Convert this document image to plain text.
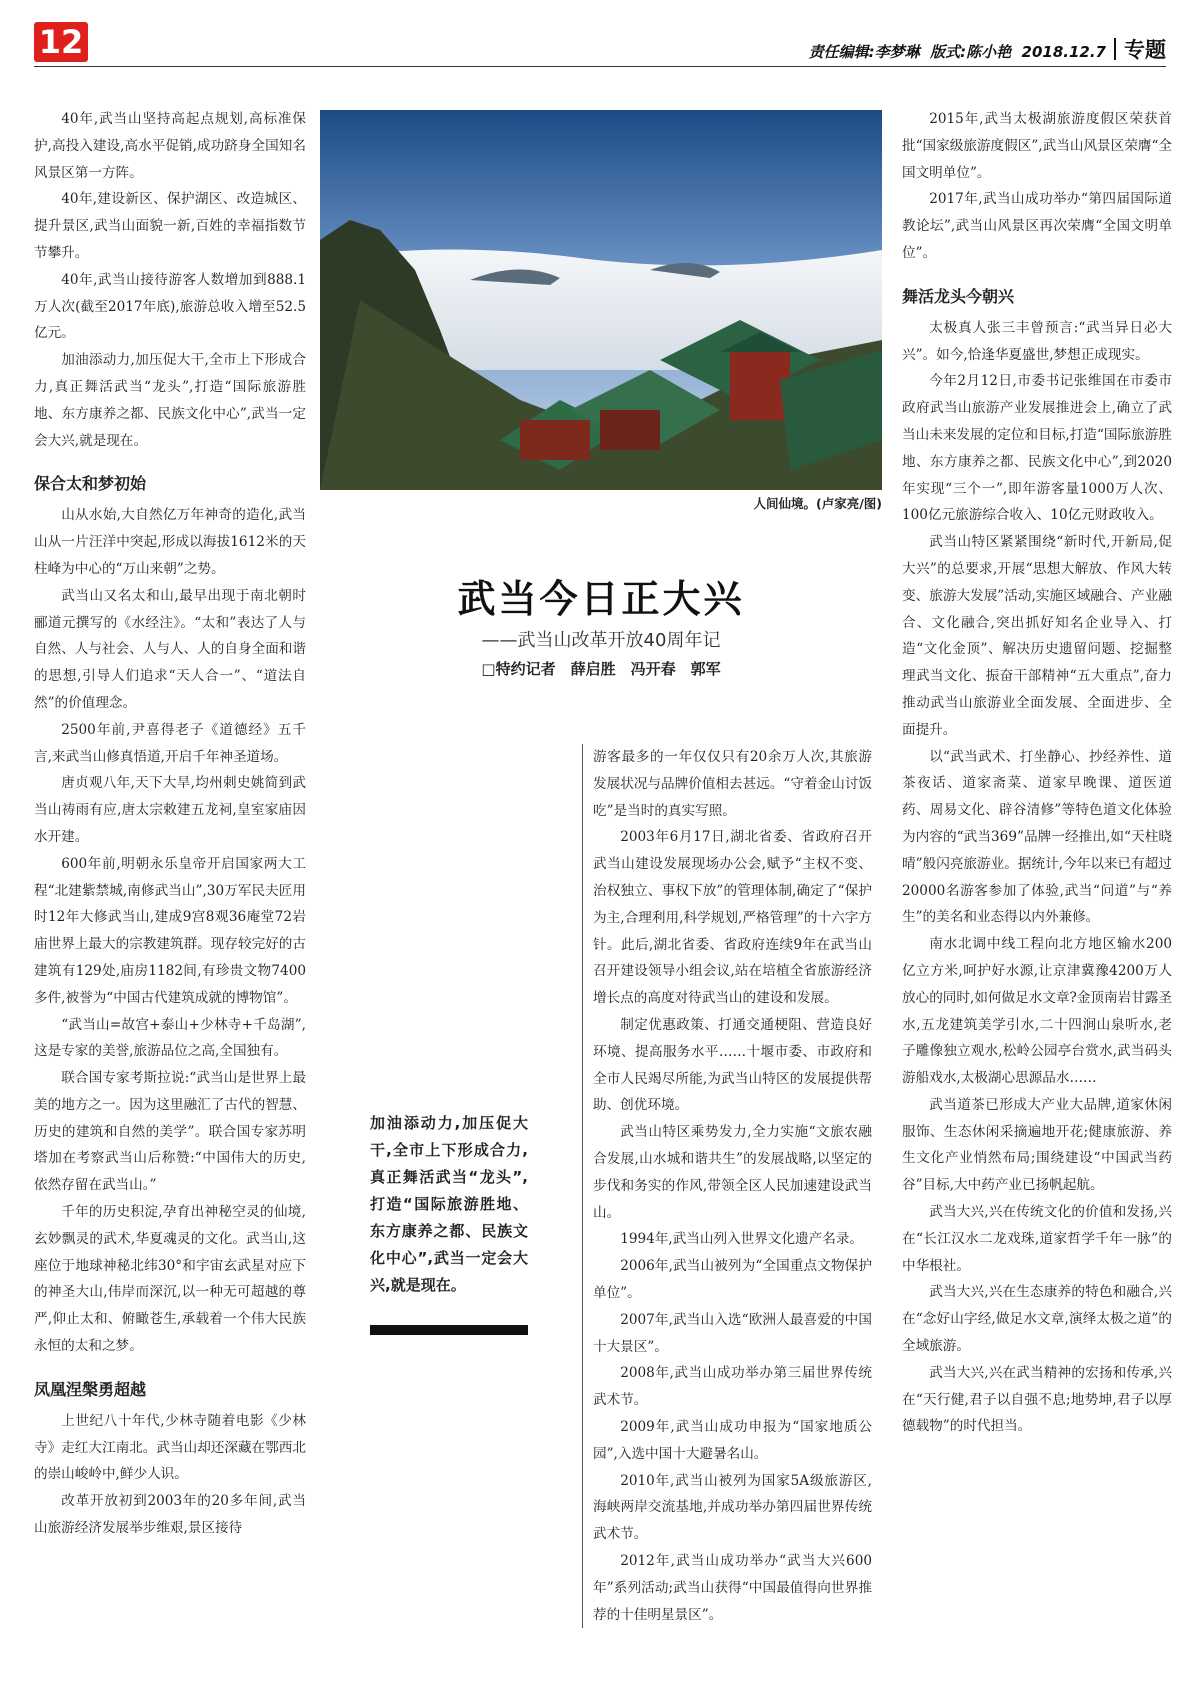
12	责任编辑:李梦琳
版式:陈小艳
2018.12.7 专题

40年,武当山坚持高起点规划,高标准保护,高投入建设,高水平促销,成功跻身全国知名风景区第一方阵。

40年,建设新区、保护湖区、改造城区、提升景区,武当山面貌一新,百姓的幸福指数节节攀升。

40年,武当山接待游客人数增加到888.1万人次(截至2017年底),旅游总收入增至52.5亿元。

加油添动力,加压促大干,全市上下形成合力,真正舞活武当“龙头”,打造“国际旅游胜地、东方康养之都、民族文化中心”,武当一定会大兴,就是现在。

保合太和梦初始

山从水始,大自然亿万年神奇的造化,武当山从一片汪洋中突起,形成以海拔1612米的天柱峰为中心的“万山来朝”之势。

武当山又名太和山,最早出现于南北朝时郦道元撰写的《水经注》。“太和”表达了人与自然、人与社会、人与人、人的自身全面和谐的思想,引导人们追求“天人合一”、“道法自然”的价值理念。

2500年前,尹喜得老子《道德经》五千言,来武当山修真悟道,开启千年神圣道场。

唐贞观八年,天下大旱,均州刺史姚简到武当山祷雨有应,唐太宗敕建五龙祠,皇室家庙因水开建。

600年前,明朝永乐皇帝开启国家两大工程“北建紫禁城,南修武当山”,30万军民夫匠用时12年大修武当山,建成9宫8观36庵堂72岩庙世界上最大的宗教建筑群。现存较完好的古建筑有129处,庙房1182间,有珍贵文物7400多件,被誉为“中国古代建筑成就的博物馆”。

“武当山=故宫+泰山+少林寺+千岛湖”,这是专家的美誉,旅游品位之高,全国独有。

联合国专家考斯拉说:“武当山是世界上最美的地方之一。因为这里融汇了古代的智慧、历史的建筑和自然的美学”。联合国专家苏明塔加在考察武当山后称赞:“中国伟大的历史,依然存留在武当山。”

千年的历史积淀,孕育出神秘空灵的仙境,玄妙飘灵的武术,华夏魂灵的文化。武当山,这座位于地球神秘北纬30°和宇宙玄武星对应下的神圣大山,伟岸而深沉,以一种无可超越的尊严,仰止太和、俯瞰苍生,承载着一个伟大民族永恒的太和之梦。

凤凰涅槃勇超越

上世纪八十年代,少林寺随着电影《少林寺》走红大江南北。武当山却还深藏在鄂西北的崇山峻岭中,鲜少人识。

改革开放初到2003年的20多年间,武当山旅游经济发展举步维艰,景区接待

人间仙境。(卢家亮/图)
武当今日正大兴
——武当山改革开放40周年记
□特约记者　薛启胜　冯开春　郭军

游客最多的一年仅仅只有20余万人次,其旅游发展状况与品牌价值相去甚远。“守着金山讨饭吃”是当时的真实写照。

2003年6月17日,湖北省委、省政府召开武当山建设发展现场办公会,赋予“主权不变、治权独立、事权下放”的管理体制,确定了“保护为主,合理利用,科学规划,严格管理”的十六字方针。此后,湖北省委、省政府连续9年在武当山召开建设领导小组会议,站在培植全省旅游经济增长点的高度对待武当山的建设和发展。

制定优惠政策、打通交通梗阻、营造良好环境、提高服务水平……十堰市委、市政府和全市人民竭尽所能,为武当山特区的发展提供帮助、创优环境。

武当山特区乘势发力,全力实施“文旅农融合发展,山水城和谐共生”的发展战略,以坚定的步伐和务实的作风,带领全区人民加速建设武当山。

1994年,武当山列入世界文化遗产名录。

2006年,武当山被列为“全国重点文物保护单位”。

2007年,武当山入选“欧洲人最喜爱的中国十大景区”。

2008年,武当山成功举办第三届世界传统武术节。

2009年,武当山成功申报为“国家地质公园”,入选中国十大避暑名山。

2010年,武当山被列为国家5A级旅游区,海峡两岸交流基地,并成功举办第四届世界传统武术节。

2012年,武当山成功举办“武当大兴600年”系列活动;武当山获得“中国最值得向世界推荐的十佳明星景区”。

加油添动力,加压促大干,全市上下形成合力,真正舞活武当“龙头”,打造“国际旅游胜地、东方康养之都、民族文化中心”,武当一定会大兴,就是现在。

2015年,武当太极湖旅游度假区荣获首批“国家级旅游度假区”,武当山风景区荣膺“全国文明单位”。

2017年,武当山成功举办“第四届国际道教论坛”,武当山风景区再次荣膺“全国文明单位”。

舞活龙头今朝兴

太极真人张三丰曾预言:“武当异日必大兴”。如今,恰逢华夏盛世,梦想正成现实。

今年2月12日,市委书记张维国在市委市政府武当山旅游产业发展推进会上,确立了武当山未来发展的定位和目标,打造“国际旅游胜地、东方康养之都、民族文化中心”,到2020年实现“三个一”,即年游客量1000万人次、100亿元旅游综合收入、10亿元财政收入。

武当山特区紧紧围绕“新时代,开新局,促大兴”的总要求,开展“思想大解放、作风大转变、旅游大发展”活动,实施区域融合、产业融合、文化融合,突出抓好知名企业导入、打造“文化金顶”、解决历史遗留问题、挖掘整理武当文化、振奋干部精神“五大重点”,奋力推动武当山旅游业全面发展、全面进步、全面提升。

以“武当武术、打坐静心、抄经养性、道茶夜话、道家斋菜、道家早晚课、道医道药、周易文化、辟谷清修”等特色道文化体验为内容的“武当369”品牌一经推出,如“天柱晓晴”般闪亮旅游业。据统计,今年以来已有超过20000名游客参加了体验,武当“问道”与“养生”的美名和业态得以内外兼修。

南水北调中线工程向北方地区输水200亿立方米,呵护好水源,让京津冀豫4200万人放心的同时,如何做足水文章?金顶南岩甘露圣水,五龙建筑美学引水,二十四涧山泉听水,老子雕像独立观水,松岭公园亭台赏水,武当码头游船戏水,太极湖心思源品水……

武当道茶已形成大产业大品牌,道家休闲服饰、生态休闲采摘遍地开花;健康旅游、养生文化产业悄然布局;围绕建设“中国武当药谷”目标,大中药产业已扬帆起航。

武当大兴,兴在传统文化的价值和发扬,兴在“长江汉水二龙戏珠,道家哲学千年一脉”的中华根社。

武当大兴,兴在生态康养的特色和融合,兴在“念好山字经,做足水文章,演绎太极之道”的全域旅游。

武当大兴,兴在武当精神的宏扬和传承,兴在“天行健,君子以自强不息;地势坤,君子以厚德载物”的时代担当。
